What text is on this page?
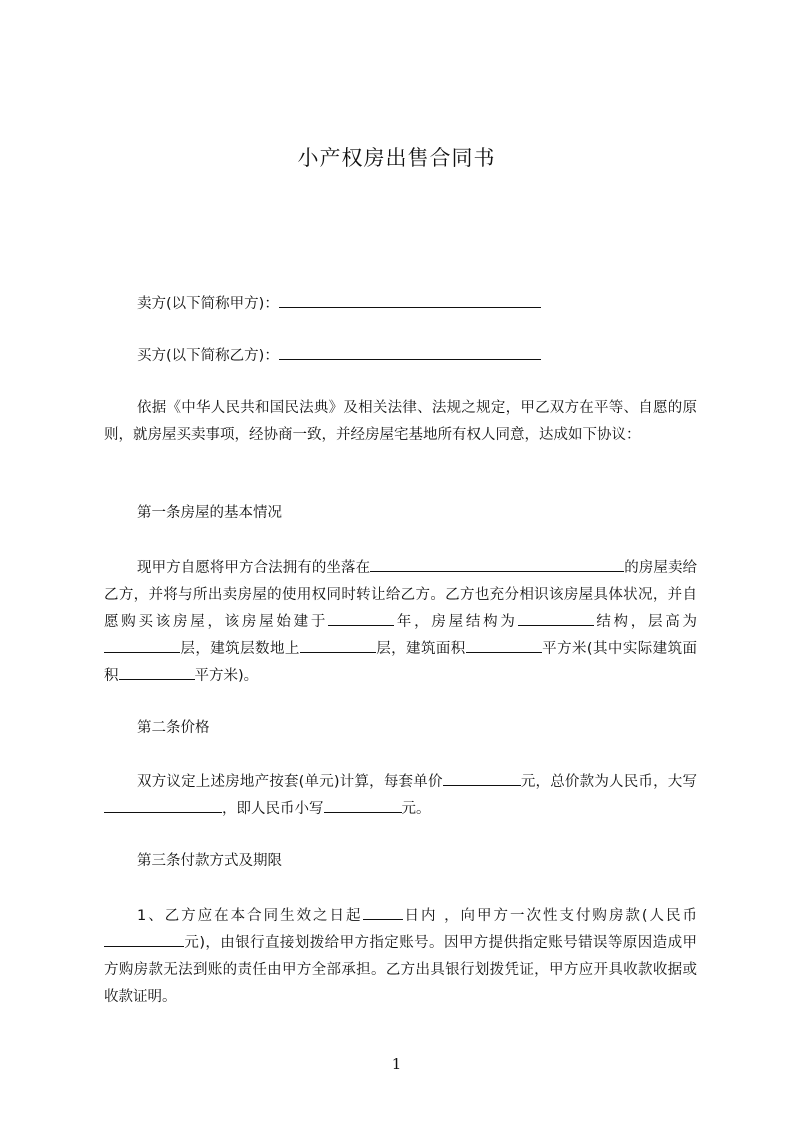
小产权房出售合同书
卖方(以下简称甲方)：
买方(以下简称乙方)：
依据《中华人民共和国民法典》及相关法律、法规之规定，甲乙双方在平等、自愿的原则，就房屋买卖事项，经协商一致，并经房屋宅基地所有权人同意，达成如下协议：
第一条房屋的基本情况
现甲方自愿将甲方合法拥有的坐落在	的房屋卖给乙方，并将与所出卖房屋的使用权同时转让给乙方。乙方也充分相识该房屋具体状况，并自愿购买该房屋，该房屋始建于	年，房屋结构为	结构，层高为层，建筑层数地上	层，建筑面积	平方米(其中实际建筑面积	平方米)。
第二条价格
双方议定上述房地产按套(单元)计算，每套单价	元，总价款为人民币，大写，即人民币小写	元。
第三条付款方式及期限
1、乙方应在本合同生效之日起	日内 ，向甲方一次性支付购房款(人民币元)，由银行直接划拨给甲方指定账号。因甲方提供指定账号错误等原因造成甲方购房款无法到账的责任由甲方全部承担。乙方出具银行划拨凭证，甲方应开具收款收据或收款证明。
1
